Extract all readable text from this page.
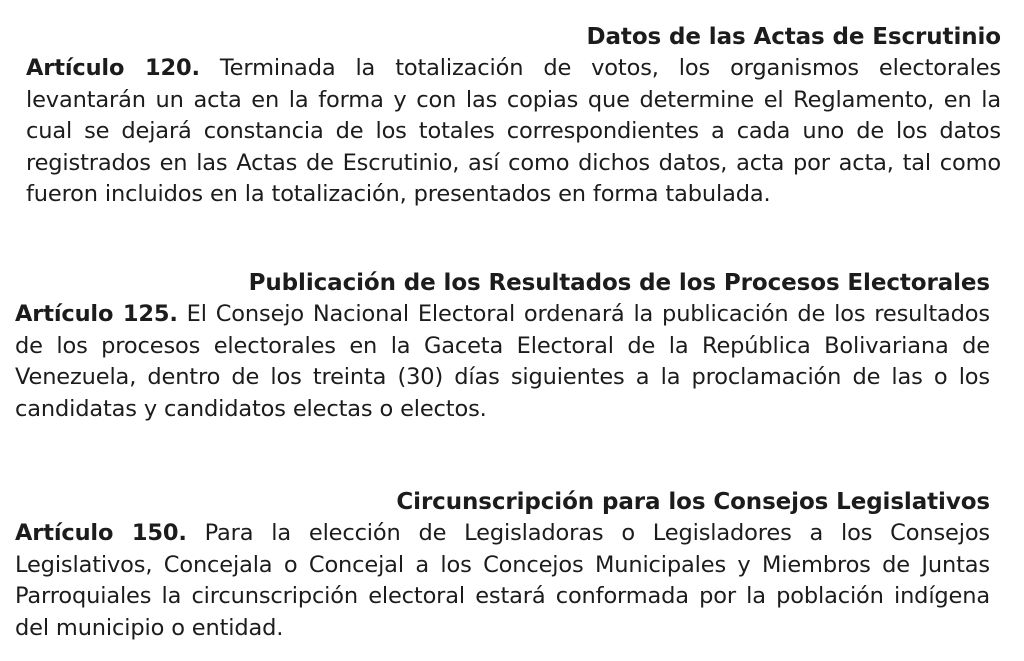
Datos de las Actas de Escrutinio

Artículo 120. Terminada la totalización de votos, los organismos electorales levantarán un acta en la forma y con las copias que determine el Reglamento, en la cual se dejará constancia de los totales correspondientes a cada uno de los datos registrados en las Actas de Escrutinio, así como dichos datos, acta por acta, tal como fueron incluidos en la totalización, presentados en forma tabulada.

Publicación de los Resultados de los Procesos Electorales

Artículo 125. El Consejo Nacional Electoral ordenará la publicación de los resultados de los procesos electorales en la Gaceta Electoral de la República Bolivariana de Venezuela, dentro de los treinta (30) días siguientes a la proclamación de las o los candidatas y candidatos electas o electos.

Circunscripción para los Consejos Legislativos

Artículo 150. Para la elección de Legisladoras o Legisladores a los Consejos Legislativos, Concejala o Concejal a los Concejos Municipales y Miembros de Juntas Parroquiales la circunscripción electoral estará conformada por la población indígena del municipio o entidad.
